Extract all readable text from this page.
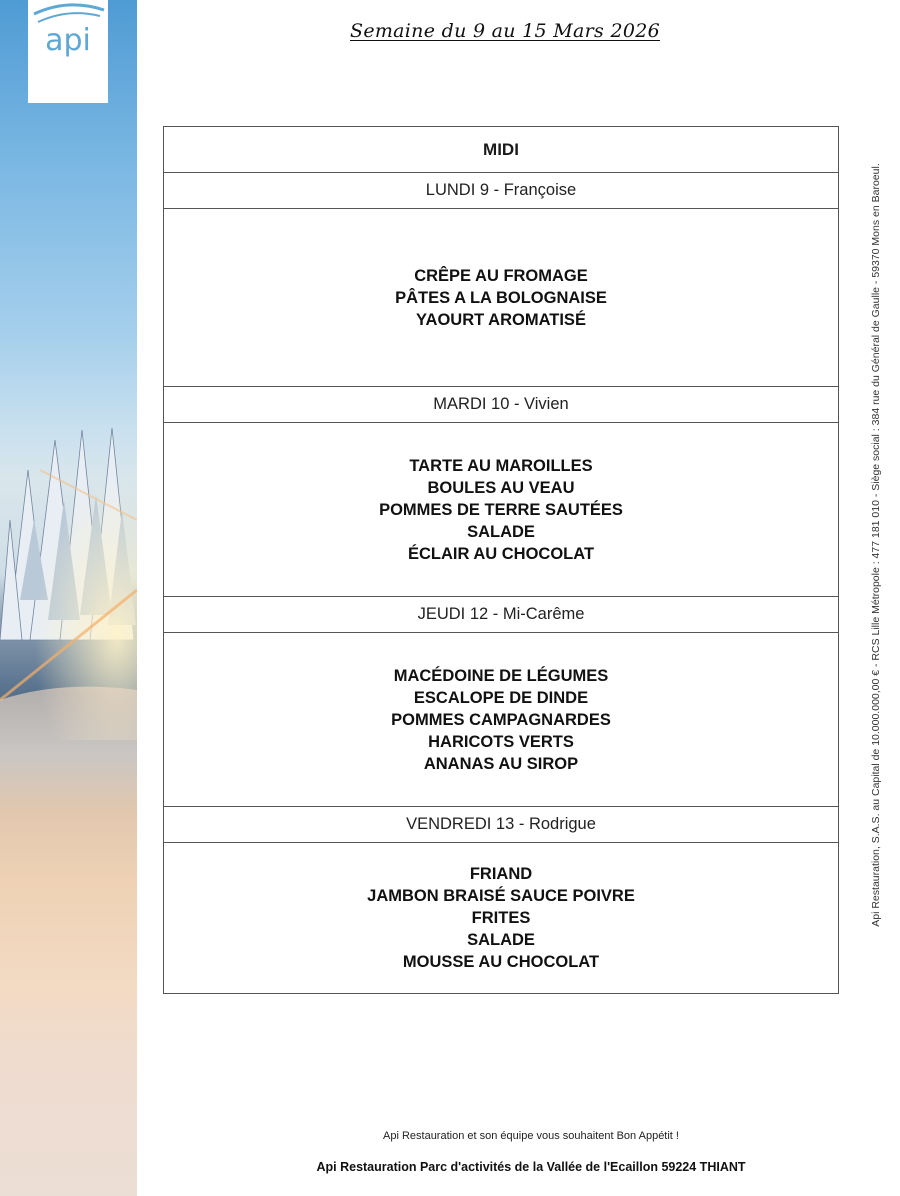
api	Semaine du 9 au 15 Mars 2026
Api Restauration, S.A.S. au Capital de 10.000.000,00 € - RCS Lille Métropole : 477 181 010 - Siège social : 384 rue du Général de Gaulle - 59370 Mons en Baroeul.
MIDI
LUNDI 9 - Françoise
CRÊPE AU FROMAGE
PÂTES A LA BOLOGNAISE
YAOURT AROMATISÉ
MARDI 10 - Vivien
TARTE AU MAROILLES
BOULES AU VEAU
POMMES DE TERRE SAUTÉES
SALADE
ÉCLAIR AU CHOCOLAT
JEUDI 12 - Mi-Carême
MACÉDOINE DE LÉGUMES
ESCALOPE DE DINDE
POMMES CAMPAGNARDES
HARICOTS VERTS
ANANAS AU SIROP
VENDREDI 13 - Rodrigue
FRIAND
JAMBON BRAISÉ SAUCE POIVRE
FRITES
SALADE
MOUSSE AU CHOCOLAT
Api Restauration et son équipe vous souhaitent Bon Appétit !
Api Restauration Parc d'activités de la Vallée de l'Ecaillon 59224 THIANT
